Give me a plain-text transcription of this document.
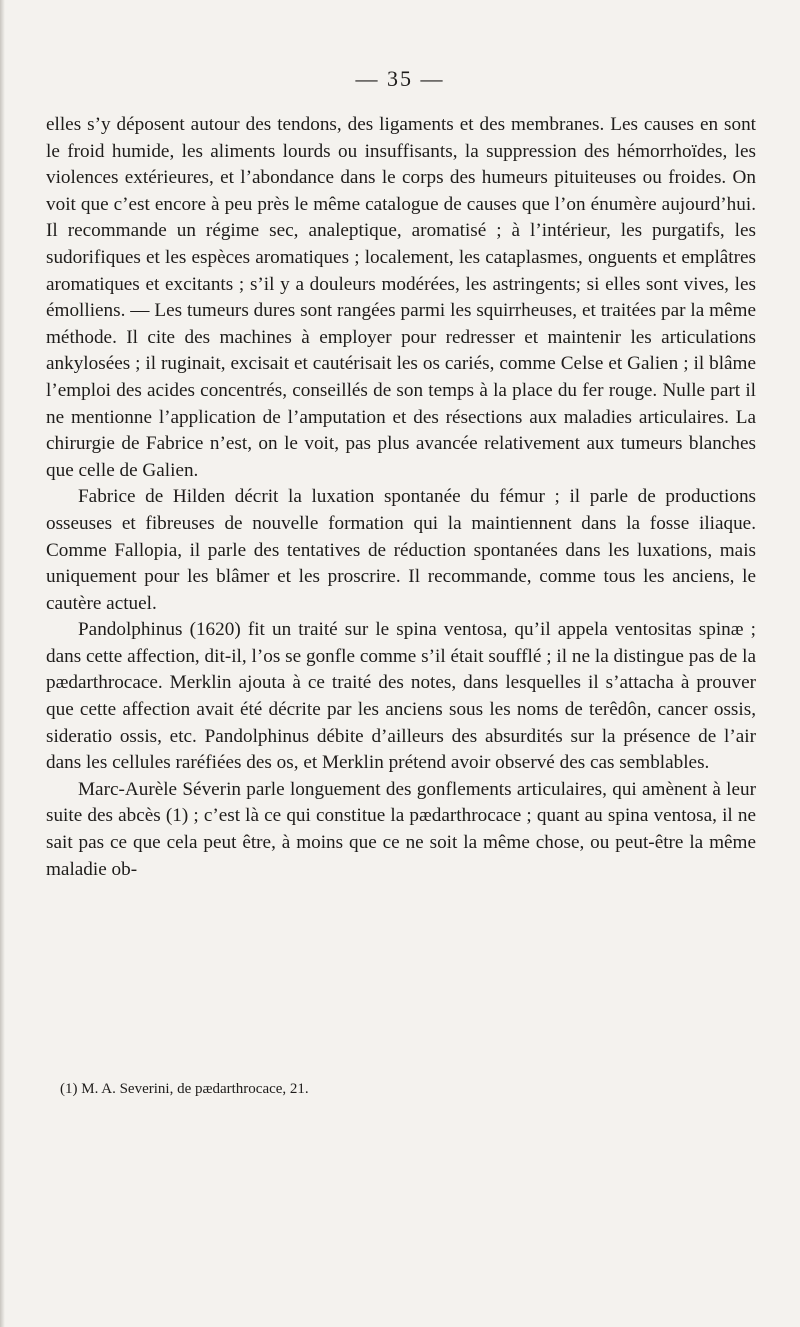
— 35 —

elles s’y déposent autour des tendons, des ligaments et des membranes. Les causes en sont le froid humide, les aliments lourds ou insuffisants, la suppression des hémorrhoïdes, les violences extérieures, et l’abondance dans le corps des humeurs pituiteuses ou froides. On voit que c’est encore à peu près le même catalogue de causes que l’on énumère aujourd’hui. Il recommande un régime sec, analeptique, aromatisé ; à l’intérieur, les purgatifs, les sudorifiques et les espèces aromatiques ; localement, les cataplasmes, onguents et emplâtres aromatiques et excitants ; s’il y a douleurs modérées, les astringents; si elles sont vives, les émolliens. — Les tumeurs dures sont rangées parmi les squirrheuses, et traitées par la même méthode. Il cite des machines à employer pour redresser et maintenir les articulations ankylosées ; il ruginait, excisait et cautérisait les os cariés, comme Celse et Galien ; il blâme l’emploi des acides concentrés, conseillés de son temps à la place du fer rouge. Nulle part il ne mentionne l’application de l’amputation et des résections aux maladies articulaires. La chirurgie de Fabrice n’est, on le voit, pas plus avancée relativement aux tumeurs blanches que celle de Galien.

Fabrice de Hilden décrit la luxation spontanée du fémur ; il parle de productions osseuses et fibreuses de nouvelle formation qui la maintiennent dans la fosse iliaque. Comme Fallopia, il parle des tentatives de réduction spontanées dans les luxations, mais uniquement pour les blâmer et les proscrire. Il recommande, comme tous les anciens, le cautère actuel.

Pandolphinus (1620) fit un traité sur le spina ventosa, qu’il appela ventositas spinæ ; dans cette affection, dit-il, l’os se gonfle comme s’il était soufflé ; il ne la distingue pas de la pædarthrocace. Merklin ajouta à ce traité des notes, dans lesquelles il s’attacha à prouver que cette affection avait été décrite par les anciens sous les noms de terêdôn, cancer ossis, sideratio ossis, etc. Pandolphinus débite d’ailleurs des absurdités sur la présence de l’air dans les cellules raréfiées des os, et Merklin prétend avoir observé des cas semblables.

Marc-Aurèle Séverin parle longuement des gonflements articulaires, qui amènent à leur suite des abcès (1) ; c’est là ce qui constitue la pædarthrocace ; quant au spina ventosa, il ne sait pas ce que cela peut être, à moins que ce ne soit la même chose, ou peut-être la même maladie ob-

(1) M. A. Severini, de pædarthrocace, 21.
